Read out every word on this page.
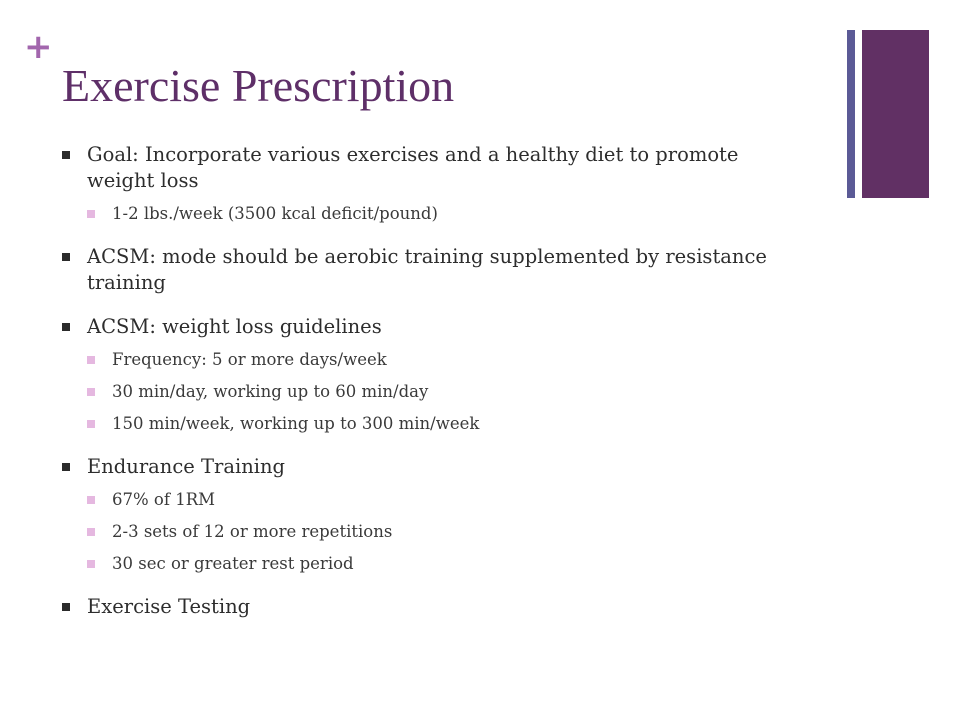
+
Exercise Prescription
Goal: Incorporate various exercises and a healthy diet to promote weight loss
1-2 lbs./week (3500 kcal deficit/pound)
ACSM: mode should be aerobic training supplemented by resistance training
ACSM: weight loss guidelines
Frequency: 5 or more days/week
30 min/day, working up to 60 min/day
150 min/week, working up to 300 min/week
Endurance Training
67% of 1RM
2-3 sets of 12 or more repetitions
30 sec or greater rest period
Exercise Testing
